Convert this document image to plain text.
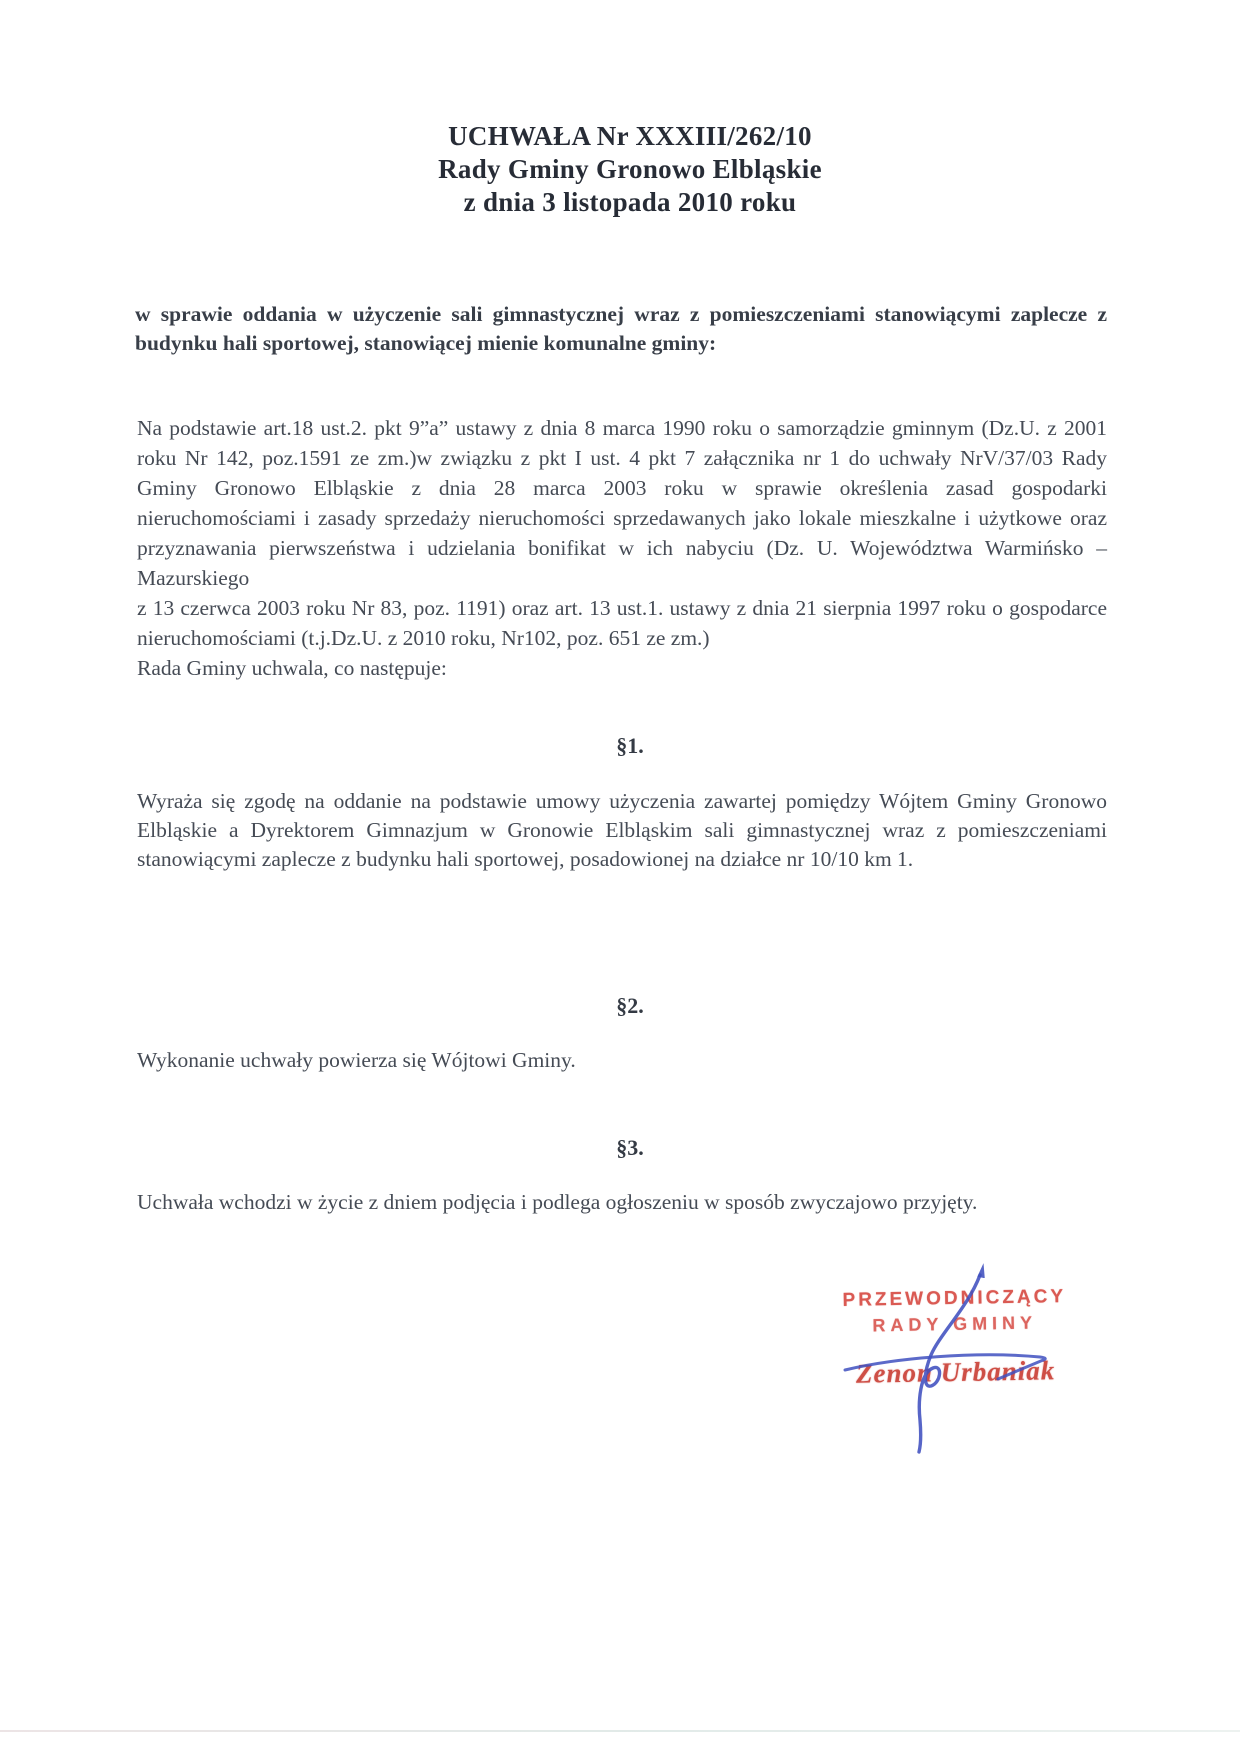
UCHWAŁA Nr XXXIII/262/10
Rady Gminy Gronowo Elbląskie
z dnia 3 listopada 2010 roku
w sprawie oddania w użyczenie sali gimnastycznej wraz z pomieszczeniami stanowiącymi zaplecze z budynku hali sportowej, stanowiącej mienie komunalne gminy:
Na podstawie art.18 ust.2. pkt 9”a” ustawy z dnia 8 marca 1990 roku o samorządzie gminnym (Dz.U. z 2001 roku Nr 142, poz.1591 ze zm.)w związku z pkt I ust. 4 pkt 7 załącznika nr 1 do uchwały NrV/37/03 Rady Gminy Gronowo Elbląskie z dnia 28 marca 2003 roku w sprawie określenia zasad gospodarki nieruchomościami i zasady sprzedaży nieruchomości sprzedawanych jako lokale mieszkalne i użytkowe oraz przyznawania pierwszeństwa i udzielania bonifikat w ich nabyciu (Dz. U. Województwa Warmińsko – Mazurskiego
z 13 czerwca 2003 roku Nr 83, poz. 1191) oraz art. 13 ust.1. ustawy z dnia 21 sierpnia 1997 roku o gospodarce nieruchomościami (t.j.Dz.U. z 2010 roku, Nr102, poz. 651 ze zm.)
Rada Gminy uchwala, co następuje:
§1.
Wyraża się zgodę na oddanie na podstawie umowy użyczenia zawartej pomiędzy Wójtem Gminy Gronowo Elbląskie a Dyrektorem Gimnazjum w Gronowie Elbląskim sali gimnastycznej wraz z pomieszczeniami stanowiącymi zaplecze z budynku hali sportowej, posadowionej na działce nr 10/10 km 1.
§2.
Wykonanie uchwały powierza się Wójtowi Gminy.
§3.
Uchwała wchodzi w życie z dniem podjęcia i podlega ogłoszeniu w sposób zwyczajowo przyjęty.
PRZEWODNICZĄCY
RADY GMINY
Zenon Urbaniak
